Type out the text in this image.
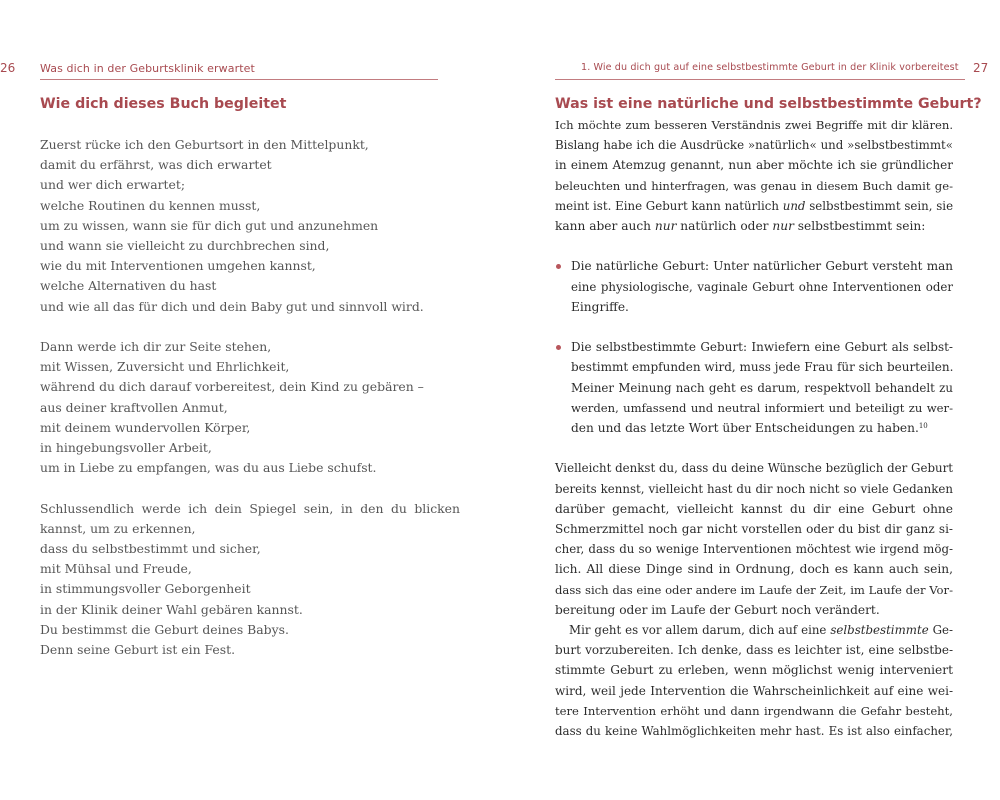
26 Was dich in der Geburtsklinik erwartet
Wie dich dieses Buch begleitet
Zuerst rücke ich den Geburtsort in den Mittelpunkt,
damit du erfährst, was dich erwartet
und wer dich erwartet;
welche Routinen du kennen musst,
um zu wissen, wann sie für dich gut und anzunehmen
und wann sie vielleicht zu durchbrechen sind,
wie du mit Interventionen umgehen kannst,
welche Alternativen du hast
und wie all das für dich und dein Baby gut und sinnvoll wird.
Dann werde ich dir zur Seite stehen,
mit Wissen, Zuversicht und Ehrlichkeit,
während du dich darauf vorbereitest, dein Kind zu gebären –
aus deiner kraftvollen Anmut,
mit deinem wundervollen Körper,
in hingebungsvoller Arbeit,
um in Liebe zu empfangen, was du aus Liebe schufst.
Schlussendlich werde ich dein Spiegel sein, in den du blicken
kannst, um zu erkennen,
dass du selbstbestimmt und sicher,
mit Mühsal und Freude,
in stimmungsvoller Geborgenheit
in der Klinik deiner Wahl gebären kannst.
Du bestimmst die Geburt deines Babys.
Denn seine Geburt ist ein Fest.
1. Wie du dich gut auf eine selbstbestimmte Geburt in der Klinik vorbereitest 27
Was ist eine natürliche und selbstbestimmte Geburt?
Ich möchte zum besseren Verständnis zwei Begriffe mit dir klären.
Bislang habe ich die Ausdrücke »natürlich« und »selbstbestimmt«
in einem Atemzug genannt, nun aber möchte ich sie gründlicher
beleuchten und hinterfragen, was genau in diesem Buch damit ge-
meint ist. Eine Geburt kann natürlich und selbstbestimmt sein, sie
kann aber auch nur natürlich oder nur selbstbestimmt sein:
Die natürliche Geburt: Unter natürlicher Geburt versteht man
eine physiologische, vaginale Geburt ohne Interventionen oder
Eingriffe.
Die selbstbestimmte Geburt: Inwiefern eine Geburt als selbst-
bestimmt empfunden wird, muss jede Frau für sich beurteilen.
Meiner Meinung nach geht es darum, respektvoll behandelt zu
werden, umfassend und neutral informiert und beteiligt zu wer-
den und das letzte Wort über Entscheidungen zu haben.$^{10}$
Vielleicht denkst du, dass du deine Wünsche bezüglich der Geburt
bereits kennst, vielleicht hast du dir noch nicht so viele Gedanken
darüber gemacht, vielleicht kannst du dir eine Geburt ohne
Schmerzmittel noch gar nicht vorstellen oder du bist dir ganz si-
cher, dass du so wenige Interventionen möchtest wie irgend mög-
lich. All diese Dinge sind in Ordnung, doch es kann auch sein,
dass sich das eine oder andere im Laufe der Zeit, im Laufe der Vor-
bereitung oder im Laufe der Geburt noch verändert.
Mir geht es vor allem darum, dich auf eine selbstbestimmte Ge-
burt vorzubereiten. Ich denke, dass es leichter ist, eine selbstbe-
stimmte Geburt zu erleben, wenn möglichst wenig interveniert
wird, weil jede Intervention die Wahrscheinlichkeit auf eine wei-
tere Intervention erhöht und dann irgendwann die Gefahr besteht,
dass du keine Wahlmöglichkeiten mehr hast. Es ist also einfacher,
